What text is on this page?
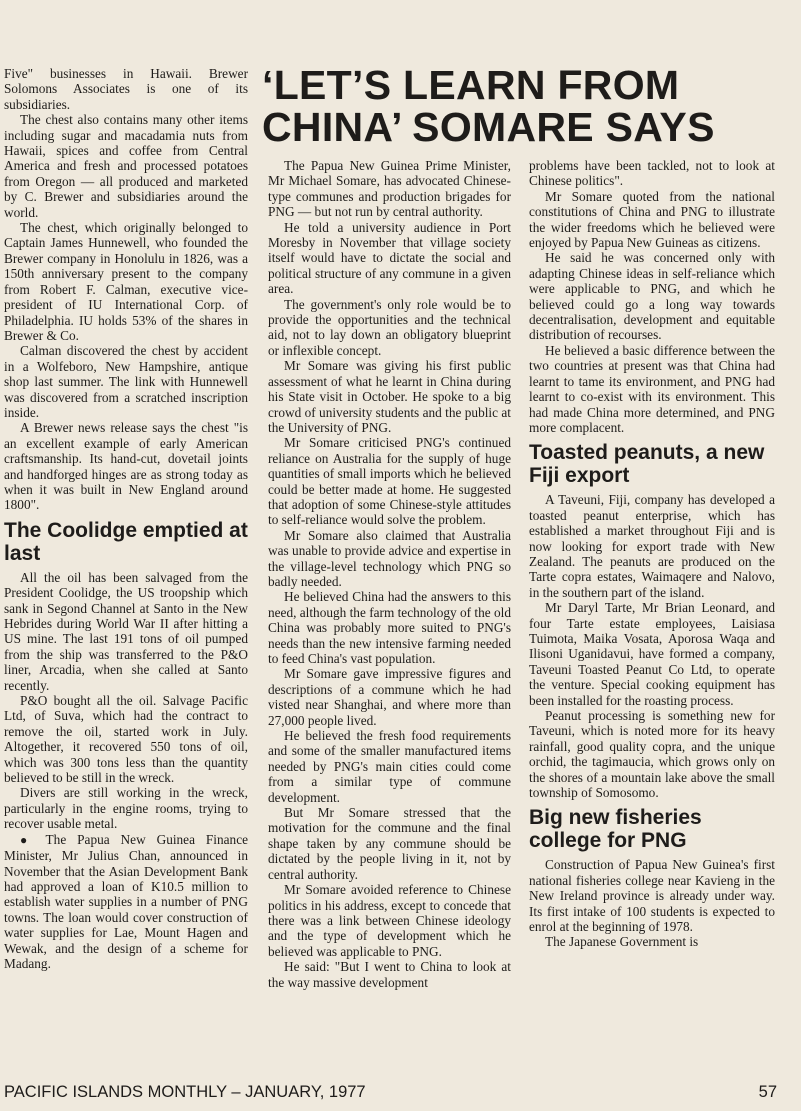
Five" businesses in Hawaii. Brewer Solomons Associates is one of its subsidiaries.

The chest also contains many other items including sugar and macadamia nuts from Hawaii, spices and coffee from Central America and fresh and processed potatoes from Oregon — all produced and marketed by C. Brewer and subsidiaries around the world.

The chest, which originally belonged to Captain James Hunnewell, who founded the Brewer company in Honolulu in 1826, was a 150th anniversary present to the company from Robert F. Calman, executive vice-president of IU International Corp. of Philadelphia. IU holds 53% of the shares in Brewer & Co.

Calman discovered the chest by accident in a Wolfeboro, New Hampshire, antique shop last summer. The link with Hunnewell was discovered from a scratched inscription inside.

A Brewer news release says the chest "is an excellent example of early American craftsmanship. Its hand-cut, dovetail joints and handforged hinges are as strong today as when it was built in New England around 1800".

The Coolidge emptied at last

All the oil has been salvaged from the President Coolidge, the US troopship which sank in Segond Channel at Santo in the New Hebrides during World War II after hitting a US mine. The last 191 tons of oil pumped from the ship was transferred to the P&O liner, Arcadia, when she called at Santo recently.

P&O bought all the oil. Salvage Pacific Ltd, of Suva, which had the contract to remove the oil, started work in July. Altogether, it recovered 550 tons of oil, which was 300 tons less than the quantity believed to be still in the wreck.

Divers are still working in the wreck, particularly in the engine rooms, trying to recover usable metal.

● The Papua New Guinea Finance Minister, Mr Julius Chan, announced in November that the Asian Development Bank had approved a loan of K10.5 million to establish water supplies in a number of PNG towns. The loan would cover construction of water supplies for Lae, Mount Hagen and Wewak, and the design of a scheme for Madang.

‘LET’S LEARN FROM CHINA’ SOMARE SAYS

The Papua New Guinea Prime Minister, Mr Michael Somare, has advocated Chinese-type communes and production brigades for PNG — but not run by central authority.

He told a university audience in Port Moresby in November that village society itself would have to dictate the social and political structure of any commune in a given area.

The government's only role would be to provide the opportunities and the technical aid, not to lay down an obligatory blueprint or inflexible concept.

Mr Somare was giving his first public assessment of what he learnt in China during his State visit in October. He spoke to a big crowd of university students and the public at the University of PNG.

Mr Somare criticised PNG's continued reliance on Australia for the supply of huge quantities of small imports which he believed could be better made at home. He suggested that adoption of some Chinese-style attitudes to self-reliance would solve the problem.

Mr Somare also claimed that Australia was unable to provide advice and expertise in the village-level technology which PNG so badly needed.

He believed China had the answers to this need, although the farm technology of the old China was probably more suited to PNG's needs than the new intensive farming needed to feed China's vast population.

Mr Somare gave impressive figures and descriptions of a commune which he had visted near Shanghai, and where more than 27,000 people lived.

He believed the fresh food requirements and some of the smaller manufactured items needed by PNG's main cities could come from a similar type of commune development.

But Mr Somare stressed that the motivation for the commune and the final shape taken by any commune should be dictated by the people living in it, not by central authority.

Mr Somare avoided reference to Chinese politics in his address, except to concede that there was a link between Chinese ideology and the type of development which he believed was applicable to PNG.

He said: "But I went to China to look at the way massive development

problems have been tackled, not to look at Chinese politics".

Mr Somare quoted from the national constitutions of China and PNG to illustrate the wider freedoms which he believed were enjoyed by Papua New Guineas as citizens.

He said he was concerned only with adapting Chinese ideas in self-reliance which were applicable to PNG, and which he believed could go a long way towards decentralisation, development and equitable distribution of recourses.

He believed a basic difference between the two countries at present was that China had learnt to tame its environment, and PNG had learnt to co-exist with its environment. This had made China more determined, and PNG more complacent.

Toasted peanuts, a new Fiji export

A Taveuni, Fiji, company has developed a toasted peanut enterprise, which has established a market throughout Fiji and is now looking for export trade with New Zealand. The peanuts are produced on the Tarte copra estates, Waimaqere and Nalovo, in the southern part of the island.

Mr Daryl Tarte, Mr Brian Leonard, and four Tarte estate employees, Laisiasa Tuimota, Maika Vosata, Aporosa Waqa and Ilisoni Uganidavui, have formed a company, Taveuni Toasted Peanut Co Ltd, to operate the venture. Special cooking equipment has been installed for the roasting process.

Peanut processing is something new for Taveuni, which is noted more for its heavy rainfall, good quality copra, and the unique orchid, the tagimaucia, which grows only on the shores of a mountain lake above the small township of Somosomo.

Big new fisheries college for PNG

Construction of Papua New Guinea's first national fisheries college near Kavieng in the New Ireland province is already under way. Its first intake of 100 students is expected to enrol at the beginning of 1978.

The Japanese Government is

PACIFIC ISLANDS MONTHLY – JANUARY, 1977	57
